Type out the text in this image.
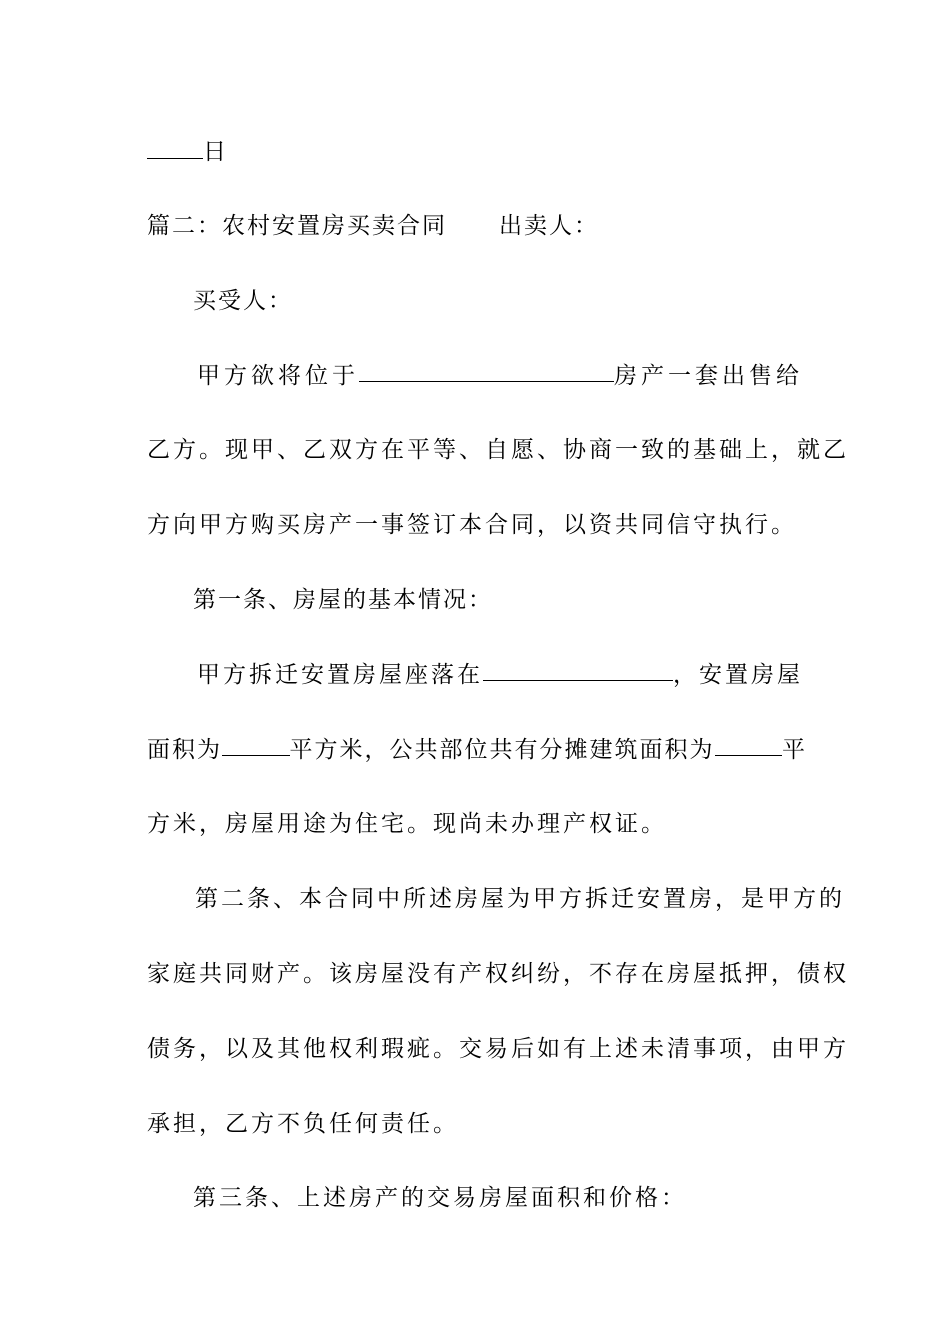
日
篇二：农村安置房买卖合同 出卖人：
买受人：
甲方欲将位于	房产一套出售给
乙方。现甲、乙双方在平等、自愿、协商一致的基础上，就乙
方向甲方购买房产一事签订本合同，以资共同信守执行。
第一条、房屋的基本情况：
甲方拆迁安置房屋座落在	，安置房屋
面积为	平方米，公共部位共有分摊建筑面积为	平
方米，房屋用途为住宅。现尚未办理产权证。
第二条、本合同中所述房屋为甲方拆迁安置房，是甲方的
家庭共同财产。该房屋没有产权纠纷，不存在房屋抵押，债权
债务，以及其他权利瑕疵。交易后如有上述未清事项，由甲方
承担，乙方不负任何责任。
第三条、上述房产的交易房屋面积和价格：
